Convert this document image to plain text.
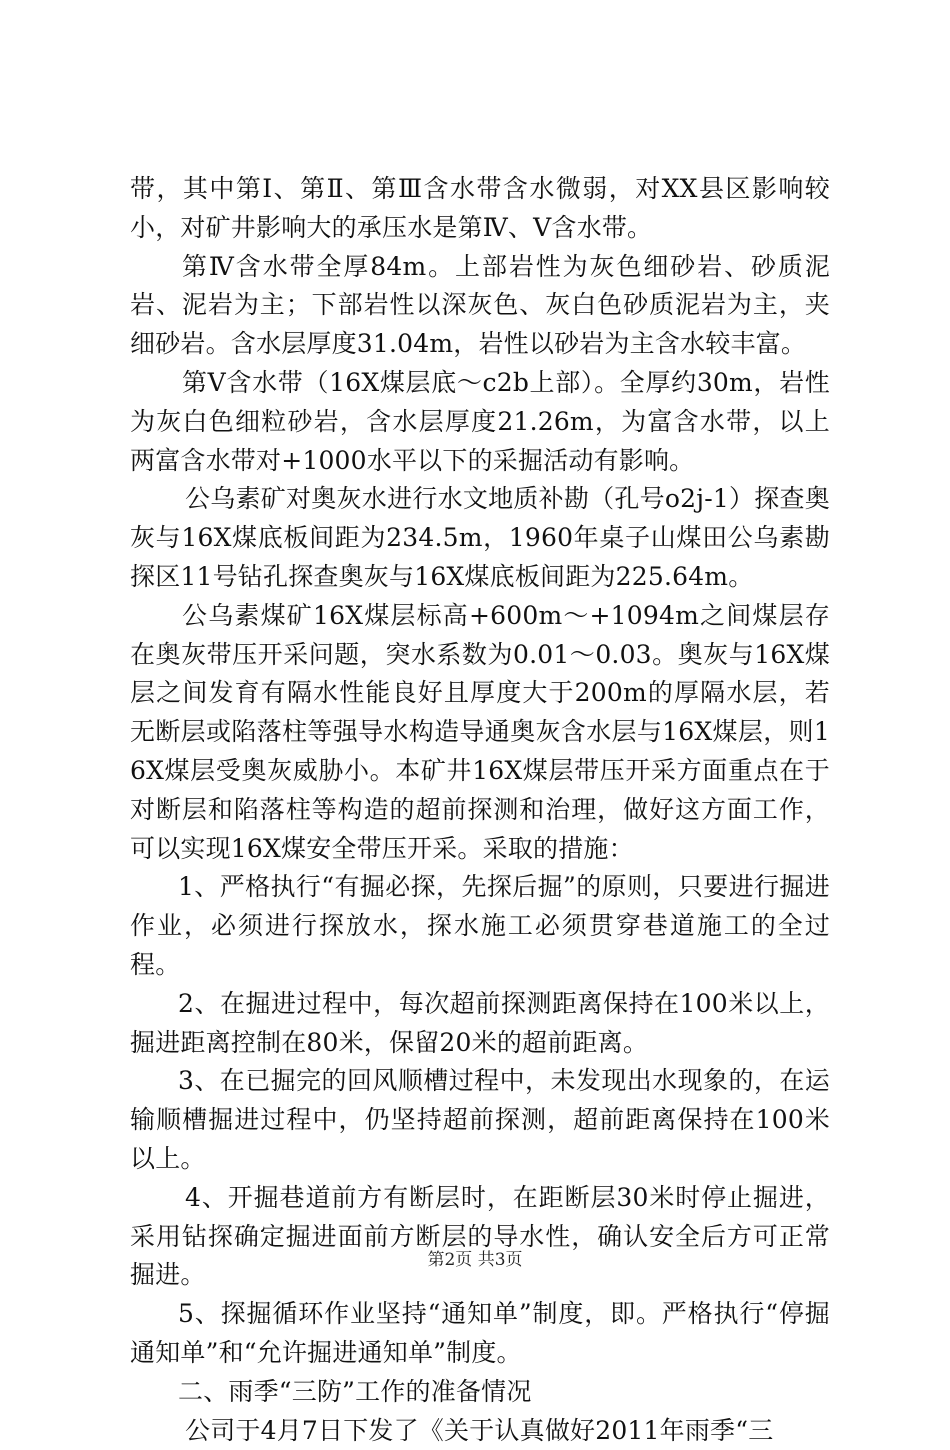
带，其中第Ⅰ、第Ⅱ、第Ⅲ含水带含水微弱，对XX县区影响较小，对矿井影响大的承压水是第Ⅳ、Ⅴ含水带。

第Ⅳ含水带全厚84m。上部岩性为灰色细砂岩、砂质泥岩、泥岩为主；下部岩性以深灰色、灰白色砂质泥岩为主，夹细砂岩。含水层厚度31.04m，岩性以砂岩为主含水较丰富。

第Ⅴ含水带（16X煤层底～c2b上部）。全厚约30m，岩性为灰白色细粒砂岩，含水层厚度21.26m，为富含水带，以上两富含水带对+1000水平以下的采掘活动有影响。

公乌素矿对奥灰水进行水文地质补勘（孔号o2j-1）探查奥灰与16X煤底板间距为234.5m，1960年桌子山煤田公乌素勘探区11号钻孔探查奥灰与16X煤底板间距为225.64m。

公乌素煤矿16X煤层标高+600m～+1094m之间煤层存在奥灰带压开采问题，突水系数为0.01～0.03。奥灰与16X煤层之间发育有隔水性能良好且厚度大于200m的厚隔水层，若无断层或陷落柱等强导水构造导通奥灰含水层与16X煤层，则16X煤层受奥灰威胁小。本矿井16X煤层带压开采方面重点在于对断层和陷落柱等构造的超前探测和治理，做好这方面工作，可以实现16X煤安全带压开采。采取的措施：

1、严格执行“有掘必探，先探后掘”的原则，只要进行掘进作业，必须进行探放水，探水施工必须贯穿巷道施工的全过程。

2、在掘进过程中，每次超前探测距离保持在100米以上，掘进距离控制在80米，保留20米的超前距离。

3、在已掘完的回风顺槽过程中，未发现出水现象的，在运输顺槽掘进过程中，仍坚持超前探测，超前距离保持在100米以上。

4、开掘巷道前方有断层时，在距断层30米时停止掘进，采用钻探确定掘进面前方断层的导水性，确认安全后方可正常掘进。

5、探掘循环作业坚持“通知单”制度，即。严格执行“停掘通知单”和“允许掘进通知单”制度。

二、雨季“三防”工作的准备情况

公司于4月7日下发了《关于认真做好2011年雨季“三

第2页 共3页
